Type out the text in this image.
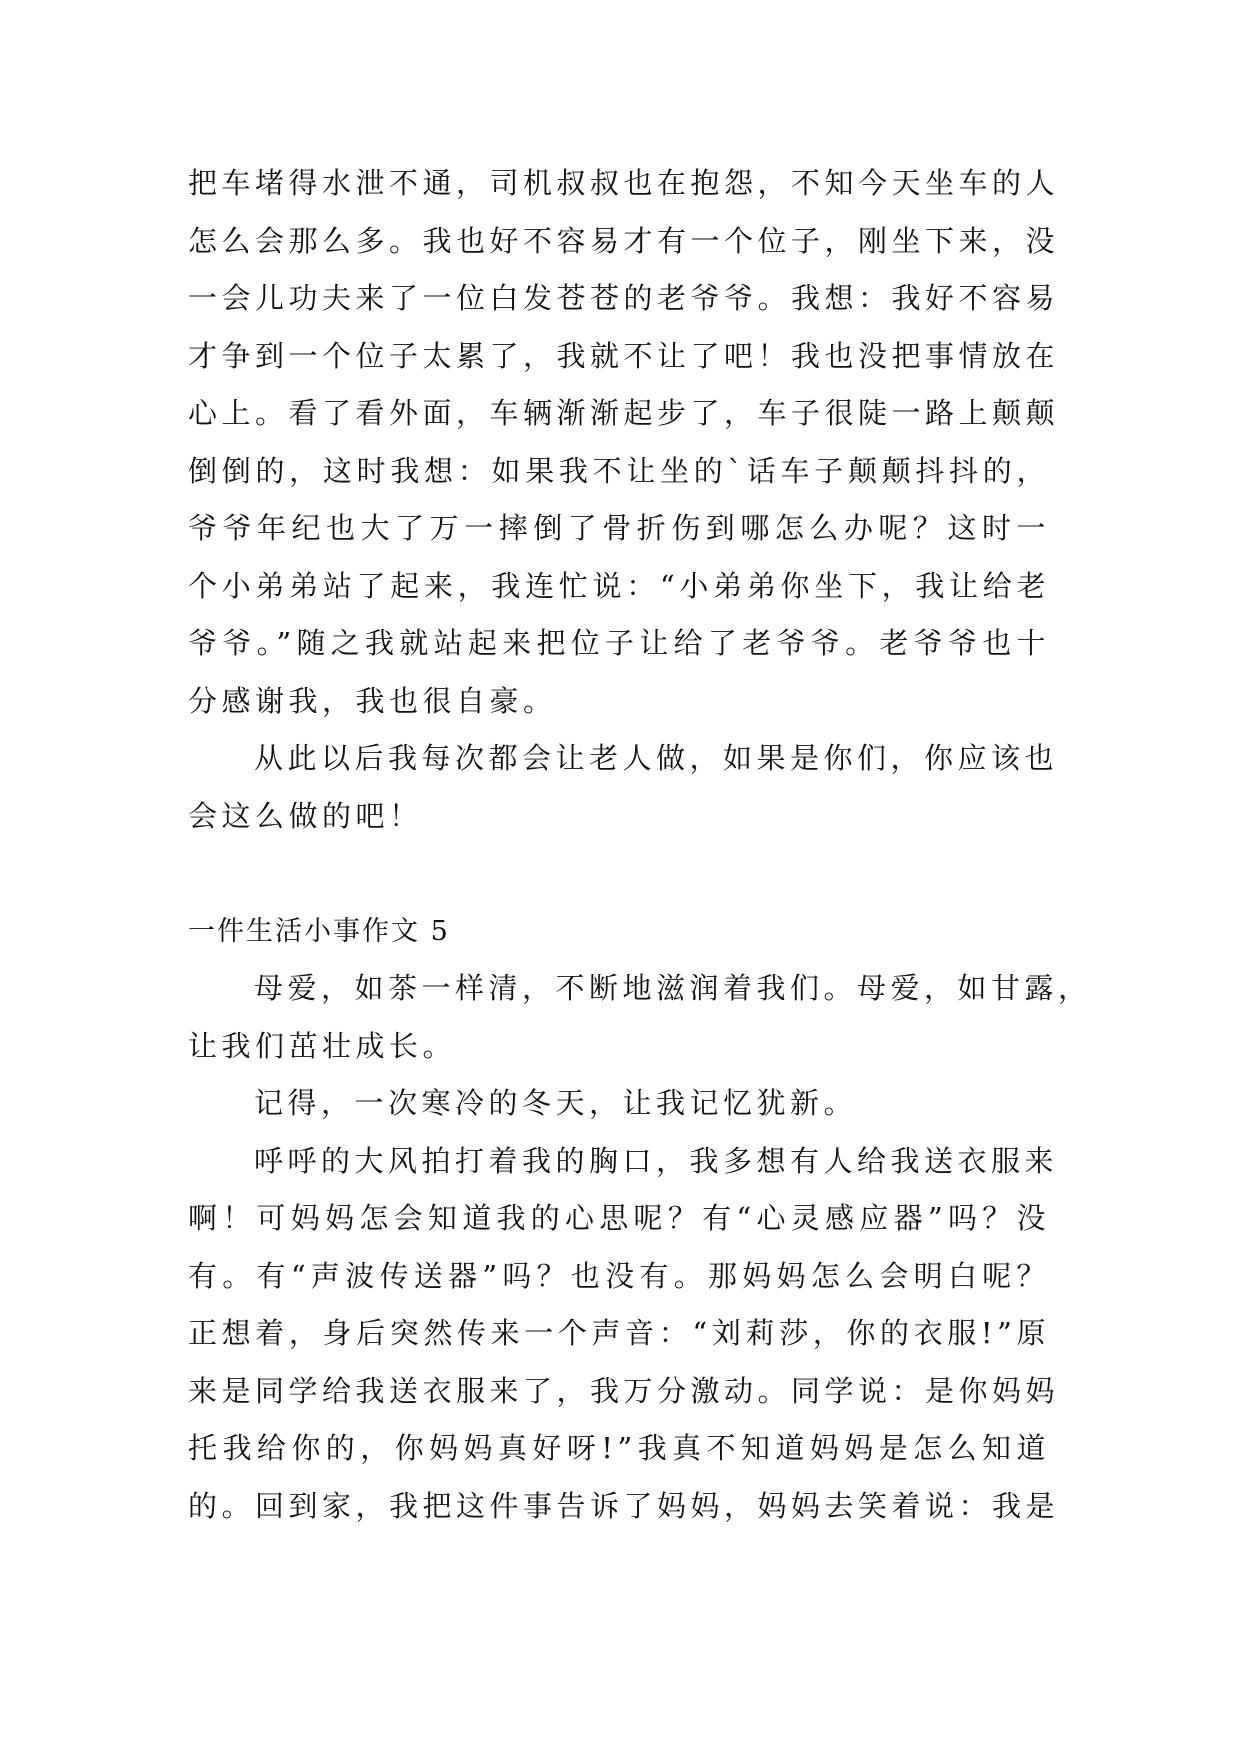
把车堵得水泄不通，司机叔叔也在抱怨，不知今天坐车的人
怎么会那么多。我也好不容易才有一个位子，刚坐下来，没
一会儿功夫来了一位白发苍苍的老爷爷。我想：我好不容易
才争到一个位子太累了，我就不让了吧！我也没把事情放在
心上。看了看外面，车辆渐渐起步了，车子很陡一路上颠颠
倒倒的，这时我想：如果我不让坐的`话车子颠颠抖抖的，
爷爷年纪也大了万一摔倒了骨折伤到哪怎么办呢？这时一
个小弟弟站了起来，我连忙说：“小弟弟你坐下，我让给老
爷爷。”随之我就站起来把位子让给了老爷爷。老爷爷也十
分感谢我，我也很自豪。
从此以后我每次都会让老人做，如果是你们，你应该也
会这么做的吧！
一件生活小事作文 5
母爱，如茶一样清，不断地滋润着我们。母爱，如甘露，
让我们茁壮成长。
记得，一次寒冷的冬天，让我记忆犹新。
呼呼的大风拍打着我的胸口，我多想有人给我送衣服来
啊！可妈妈怎会知道我的心思呢？有“心灵感应器”吗？没
有。有“声波传送器”吗？也没有。那妈妈怎么会明白呢？
正想着，身后突然传来一个声音：“刘莉莎，你的衣服!”原
来是同学给我送衣服来了，我万分激动。同学说：是你妈妈
托我给你的，你妈妈真好呀!”我真不知道妈妈是怎么知道
的。回到家，我把这件事告诉了妈妈，妈妈去笑着说：我是
